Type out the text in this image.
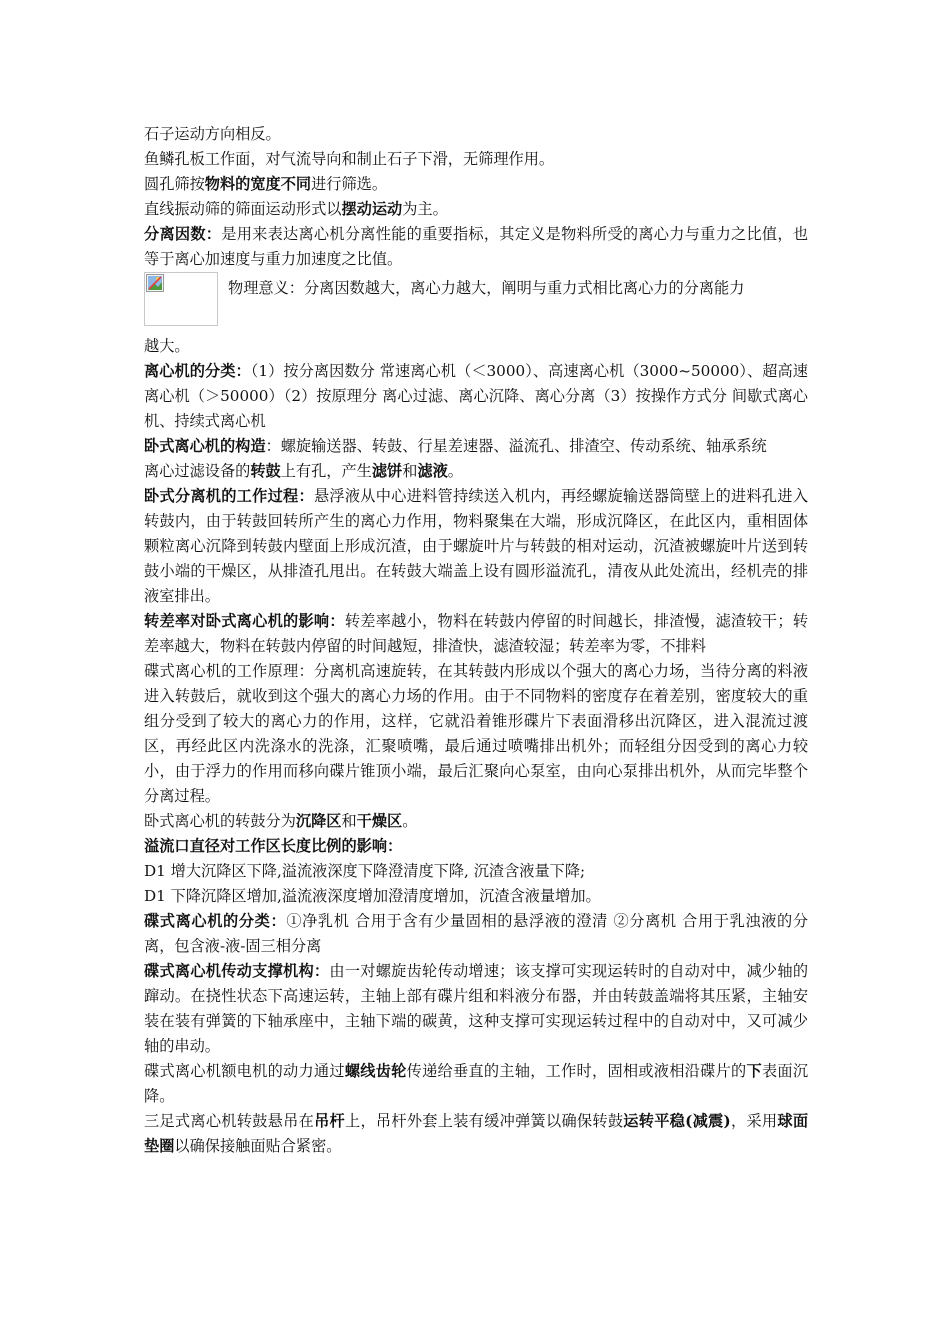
石子运动方向相反。

鱼鳞孔板工作面，对气流导向和制止石子下滑，无筛理作用。

圆孔筛按物料的宽度不同进行筛选。

直线振动筛的筛面运动形式以摆动运动为主。

分离因数：是用来表达离心机分离性能的重要指标，其定义是物料所受的离心力与重力之比值，也等于离心加速度与重力加速度之比值。

物理意义：分离因数越大，离心力越大，阐明与重力式相比离心力的分离能力

越大。

离心机的分类：（1）按分离因数分 常速离心机（＜3000）、高速离心机（3000~50000）、超高速离心机（＞50000）（2）按原理分 离心过滤、离心沉降、离心分离（3）按操作方式分 间歇式离心机、持续式离心机

卧式离心机的构造：螺旋输送器、转鼓、行星差速器、溢流孔、排渣空、传动系统、轴承系统

离心过滤设备的转鼓上有孔，产生滤饼和滤液。

卧式分离机的工作过程：悬浮液从中心进料管持续送入机内，再经螺旋输送器筒壁上的进料孔进入转鼓内，由于转鼓回转所产生的离心力作用，物料聚集在大端，形成沉降区，在此区内，重相固体颗粒离心沉降到转鼓内壁面上形成沉渣，由于螺旋叶片与转鼓的相对运动，沉渣被螺旋叶片送到转鼓小端的干燥区，从排渣孔甩出。在转鼓大端盖上设有圆形溢流孔，清夜从此处流出，经机壳的排液室排出。

转差率对卧式离心机的影响：转差率越小，物料在转鼓内停留的时间越长，排渣慢，滤渣较干；转差率越大，物料在转鼓内停留的时间越短，排渣快，滤渣较湿；转差率为零，不排料

碟式离心机的工作原理：分离机高速旋转，在其转鼓内形成以个强大的离心力场，当待分离的料液进入转鼓后，就收到这个强大的离心力场的作用。由于不同物料的密度存在着差别，密度较大的重组分受到了较大的离心力的作用，这样，它就沿着锥形碟片下表面滑移出沉降区，进入混流过渡区，再经此区内洗涤水的洗涤，汇聚喷嘴，最后通过喷嘴排出机外；而轻组分因受到的离心力较小，由于浮力的作用而移向碟片锥顶小端，最后汇聚向心泵室，由向心泵排出机外，从而完毕整个分离过程。

卧式离心机的转鼓分为沉降区和干燥区。

溢流口直径对工作区长度比例的影响：

D1 增大沉降区下降,溢流液深度下降澄清度下降, 沉渣含液量下降;

D1 下降沉降区增加,溢流液深度增加澄清度增加，沉渣含液量增加。

碟式离心机的分类：①净乳机 合用于含有少量固相的悬浮液的澄清 ②分离机 合用于乳浊液的分离，包含液-液-固三相分离

碟式离心机传动支撑机构：由一对螺旋齿轮传动增速；该支撑可实现运转时的自动对中，减少轴的蹿动。在挠性状态下高速运转，主轴上部有碟片组和料液分布器，并由转鼓盖端将其压紧，主轴安装在装有弹簧的下轴承座中，主轴下端的碳黄，这种支撑可实现运转过程中的自动对中，又可减少轴的串动。

碟式离心机额电机的动力通过螺线齿轮传递给垂直的主轴，工作时，固相或液相沿碟片的下表面沉降。

三足式离心机转鼓悬吊在吊杆上，吊杆外套上装有缓冲弹簧以确保转鼓运转平稳(减震)，采用球面垫圈以确保接触面贴合紧密。
